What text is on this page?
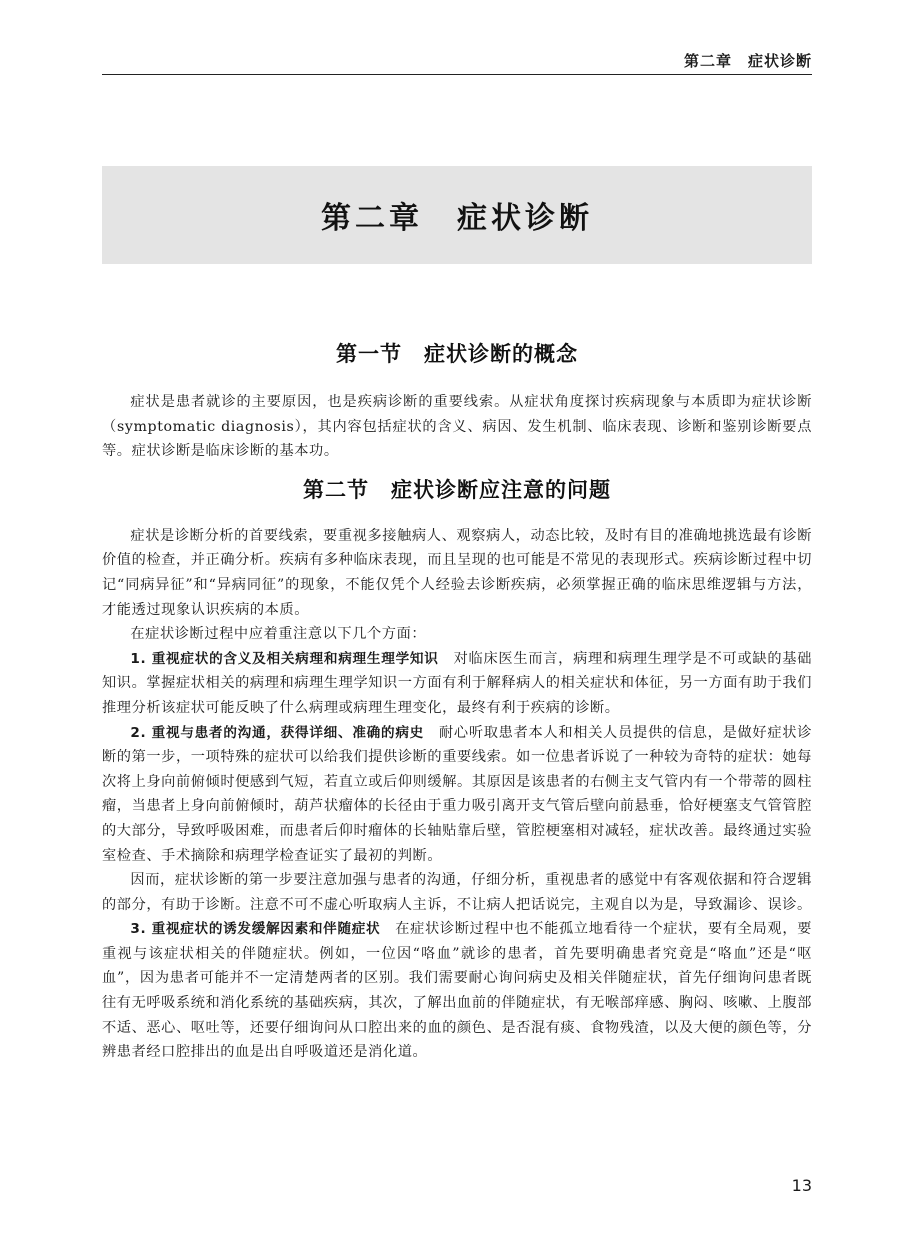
第二章　症状诊断
第二章　症状诊断
第一节　症状诊断的概念

症状是患者就诊的主要原因，也是疾病诊断的重要线索。从症状角度探讨疾病现象与本质即为症状诊断（symptomatic diagnosis），其内容包括症状的含义、病因、发生机制、临床表现、诊断和鉴别诊断要点等。症状诊断是临床诊断的基本功。

第二节　症状诊断应注意的问题

症状是诊断分析的首要线索，要重视多接触病人、观察病人，动态比较，及时有目的准确地挑选最有诊断价值的检查，并正确分析。疾病有多种临床表现，而且呈现的也可能是不常见的表现形式。疾病诊断过程中切记“同病异征”和“异病同征”的现象，不能仅凭个人经验去诊断疾病，必须掌握正确的临床思维逻辑与方法，才能透过现象认识疾病的本质。

在症状诊断过程中应着重注意以下几个方面：

1. 重视症状的含义及相关病理和病理生理学知识　对临床医生而言，病理和病理生理学是不可或缺的基础知识。掌握症状相关的病理和病理生理学知识一方面有利于解释病人的相关症状和体征，另一方面有助于我们推理分析该症状可能反映了什么病理或病理生理变化，最终有利于疾病的诊断。

2. 重视与患者的沟通，获得详细、准确的病史　耐心听取患者本人和相关人员提供的信息，是做好症状诊断的第一步，一项特殊的症状可以给我们提供诊断的重要线索。如一位患者诉说了一种较为奇特的症状：她每次将上身向前俯倾时便感到气短，若直立或后仰则缓解。其原因是该患者的右侧主支气管内有一个带蒂的圆柱瘤，当患者上身向前俯倾时，葫芦状瘤体的长径由于重力吸引离开支气管后壁向前悬垂，恰好梗塞支气管管腔的大部分，导致呼吸困难，而患者后仰时瘤体的长轴贴靠后壁，管腔梗塞相对减轻，症状改善。最终通过实验室检查、手术摘除和病理学检查证实了最初的判断。

因而，症状诊断的第一步要注意加强与患者的沟通，仔细分析，重视患者的感觉中有客观依据和符合逻辑的部分，有助于诊断。注意不可不虚心听取病人主诉，不让病人把话说完，主观自以为是，导致漏诊、误诊。

3. 重视症状的诱发缓解因素和伴随症状　在症状诊断过程中也不能孤立地看待一个症状，要有全局观，要重视与该症状相关的伴随症状。例如，一位因“咯血”就诊的患者，首先要明确患者究竟是“咯血”还是“呕血”，因为患者可能并不一定清楚两者的区别。我们需要耐心询问病史及相关伴随症状，首先仔细询问患者既往有无呼吸系统和消化系统的基础疾病，其次，了解出血前的伴随症状，有无喉部痒感、胸闷、咳嗽、上腹部不适、恶心、呕吐等，还要仔细询问从口腔出来的血的颜色、是否混有痰、食物残渣，以及大便的颜色等，分辨患者经口腔排出的血是出自呼吸道还是消化道。

13
